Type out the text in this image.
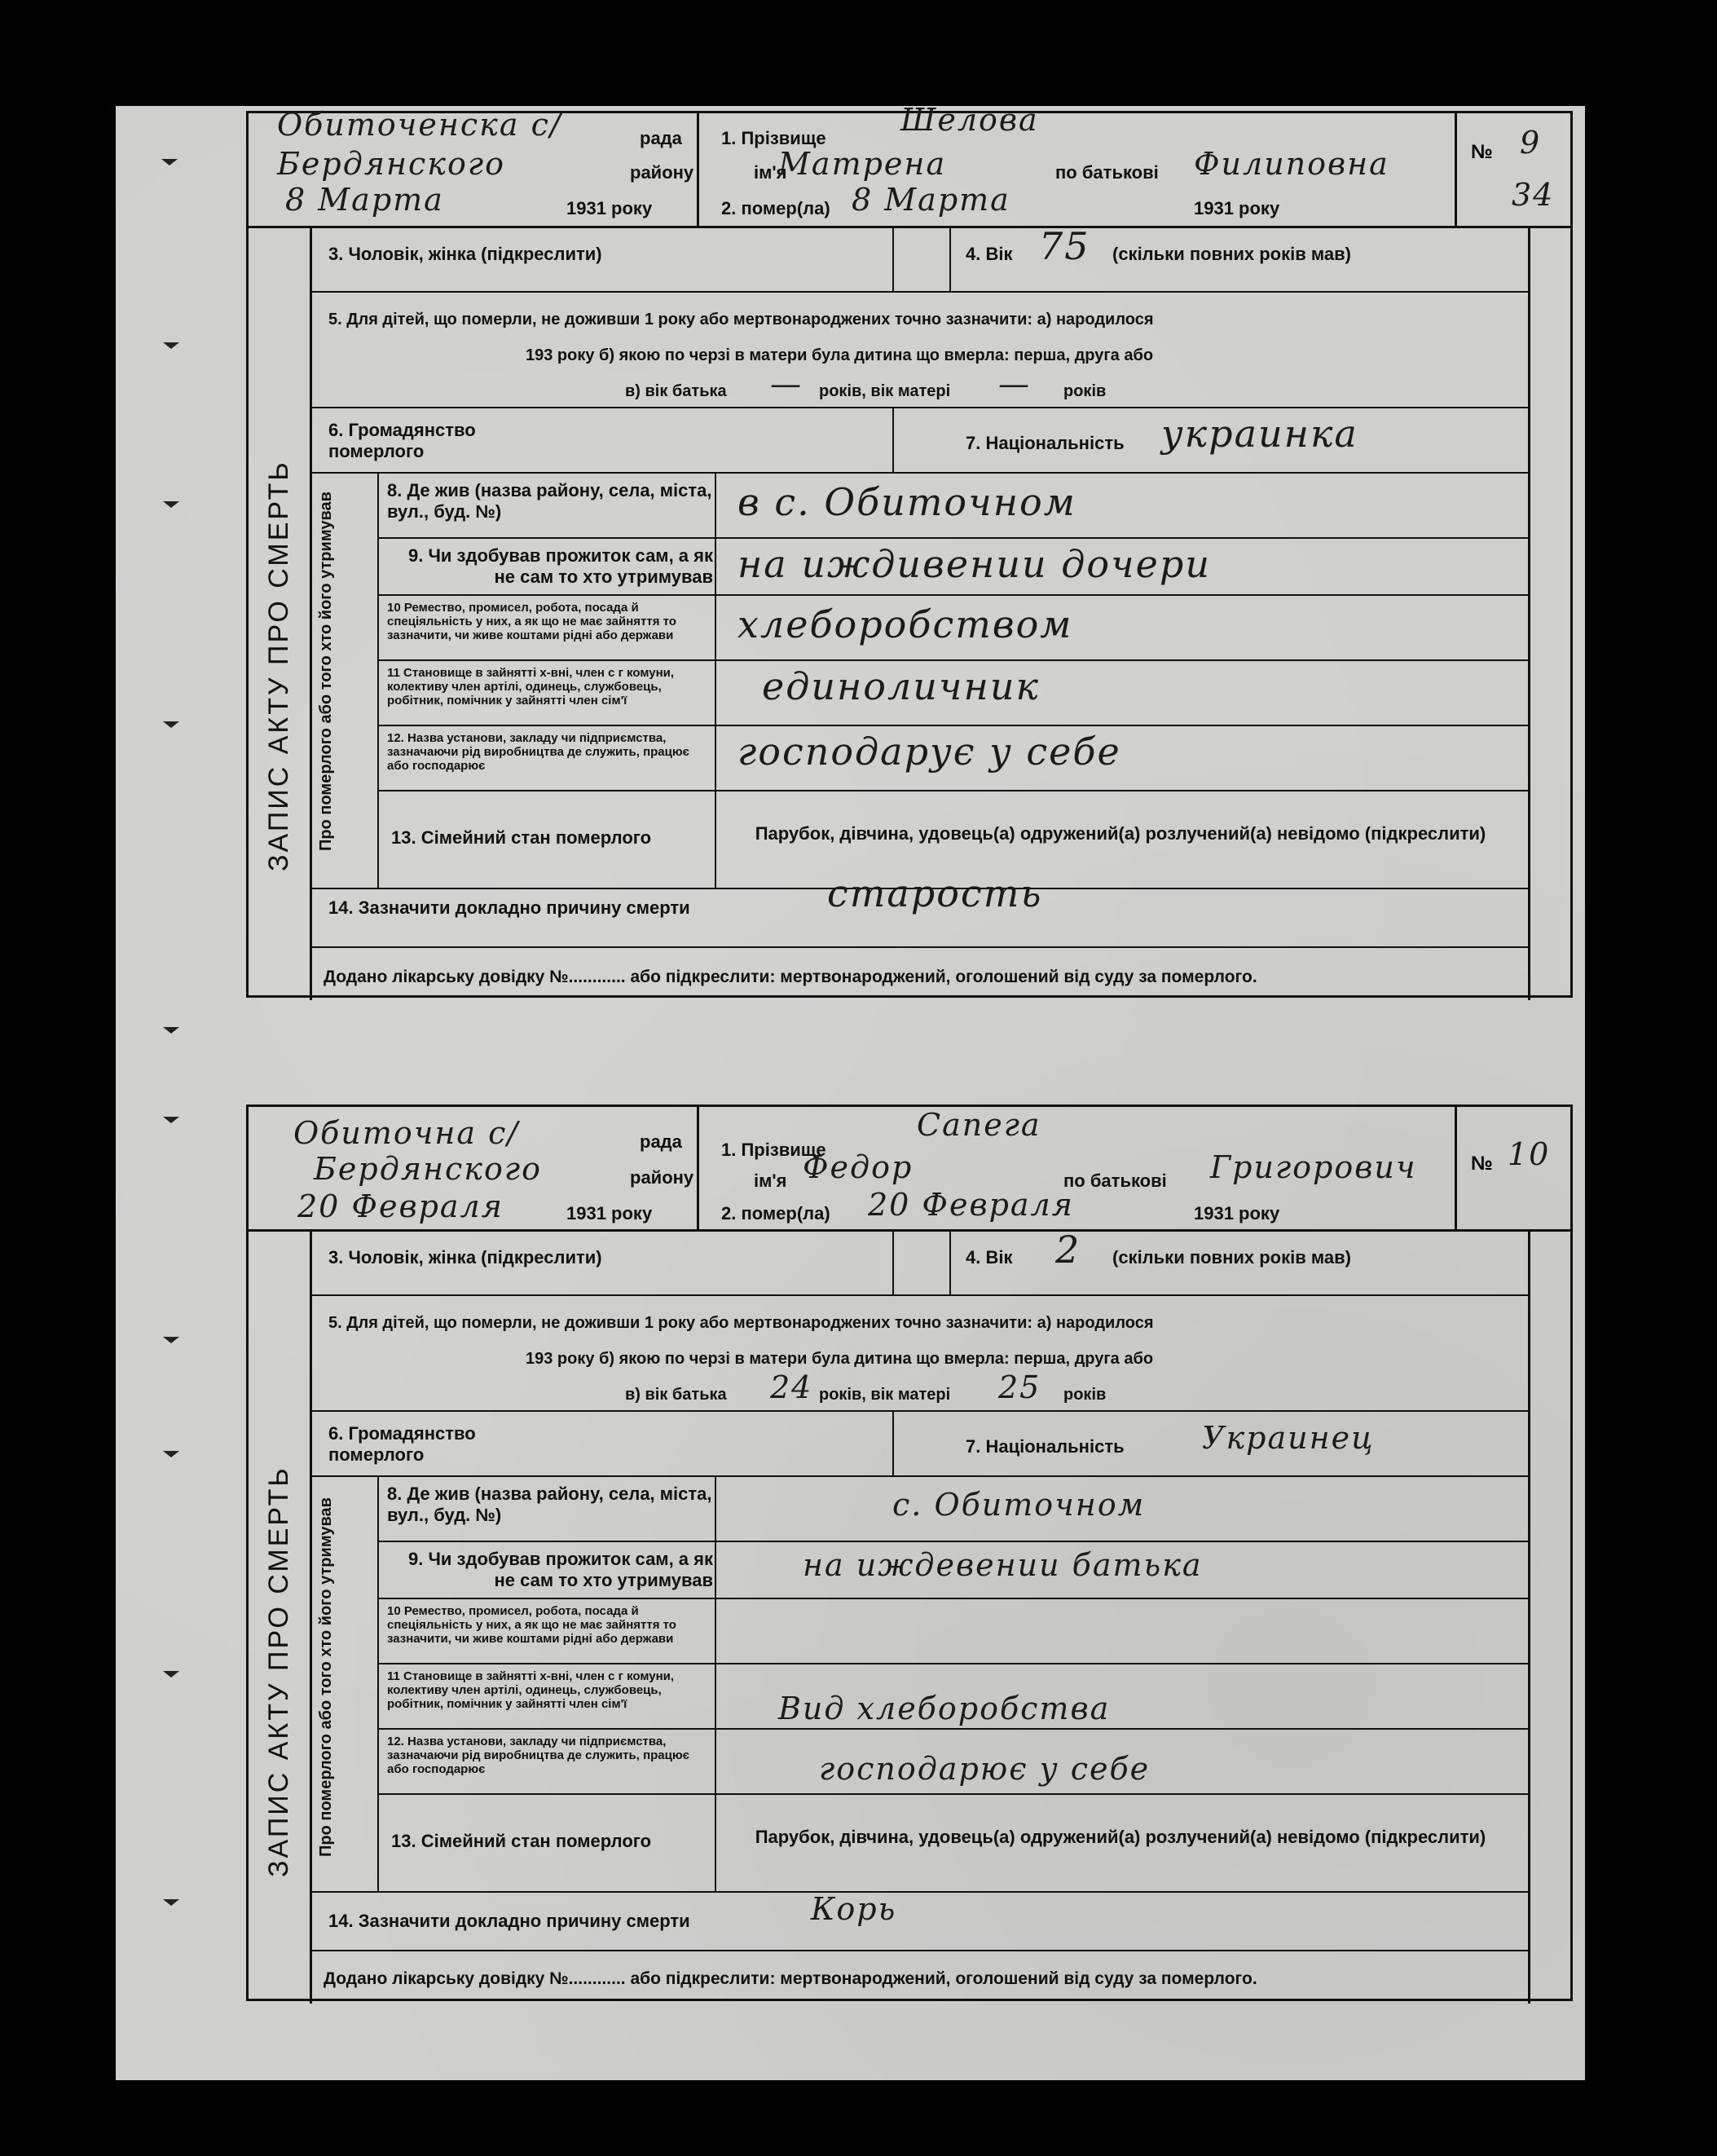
Обиточенска с/	рада
Бердянского	району
8 Марта	1931 року
1. Прізвище
Шелова
ім'я
Матрена	по батькові Филиповна
2. помер(ла) 8 Марта	1931 року
№ 9
34
ЗАПИС АКТУ ПРО СМЕРТЬ
3. Чоловік, жінка (підкреслити)	4. Вік 75 (скільки повних років мав)
5. Для дітей, що померли, не доживши 1 року або мертвонароджених точно зазначити: а) народилося
193 року б) якою по черзі в матери була дитина що вмерла: перша, друга або
в) вік батька — років, вік матері — років
6. Громадянство померлого	7. Національність украинка
Про померлого або того хто його утримував
8. Де жив (назва району, села, міста, вул., буд. №)	в с. Обиточном
9. Чи здобував прожиток сам, а як не сам то хто утримував на иждивении дочери
10 Ремество, промисел, робота, посада й спеціяльність у них, а як що не має зайняття то зазначити, чи живе коштами рідні або держави	хлеборобством
11 Становище в зайнятті х-вні, член с г комуни, колективу член артілі, одинець, службовець, робітник, помічник у зайнятті член сім'ї	единоличник
12. Назва установи, закладу чи підприємства, зазначаючи рід виробництва де служить, працює або господарює	господарує у себе
13. Сімейний стан померлого	Парубок, дівчина, удовець(а) одружений(а) розлучений(а) невідомо (підкреслити)
14. Зазначити докладно причину смерти	старость
Додано лікарську довідку №............ або підкреслити: мертвонароджений, оголошений від суду за померлого.
Обиточна с/	рада
Бердянского	району
20 Февраля	1931 року
1. Прізвище
Сапега
ім'я Федор	по батькові Григорович
2. помер(ла) 20 Февраля	1931 року
№ 10
ЗАПИС АКТУ ПРО СМЕРТЬ
3. Чоловік, жінка (підкреслити)	4. Вік 2 (скільки повних років мав)
5. Для дітей, що померли, не доживши 1 року або мертвонароджених точно зазначити: а) народилося
193 року б) якою по черзі в матери була дитина що вмерла: перша, друга або
в) вік батька 24 років, вік матері 25 років
6. Громадянство померлого	7. Національність	Украинец
Про померлого або того хто його утримував
8. Де жив (назва району, села, міста, вул., буд. №)	с. Обиточном
9. Чи здобував прожиток сам, а як не сам то хто утримував	на иждевении батька
10 Ремество, промисел, робота, посада й спеціяльність у них, а як що не має зайняття то зазначити, чи живе коштами рідні або держави
11 Становище в зайнятті х-вні, член с г комуни, колективу член артілі, одинець, службовець, робітник, помічник у зайнятті член сім'ї	Вид хлеборобства
12. Назва установи, закладу чи підприємства, зазначаючи рід виробництва де служить, працює або господарює	господарює у себе
13. Сімейний стан померлого	Парубок, дівчина, удовець(а) одружений(а) розлучений(а) невідомо (підкреслити)
14. Зазначити докладно причину смерти	Корь
Додано лікарську довідку №............ або підкреслити: мертвонароджений, оголошений від суду за померлого.
